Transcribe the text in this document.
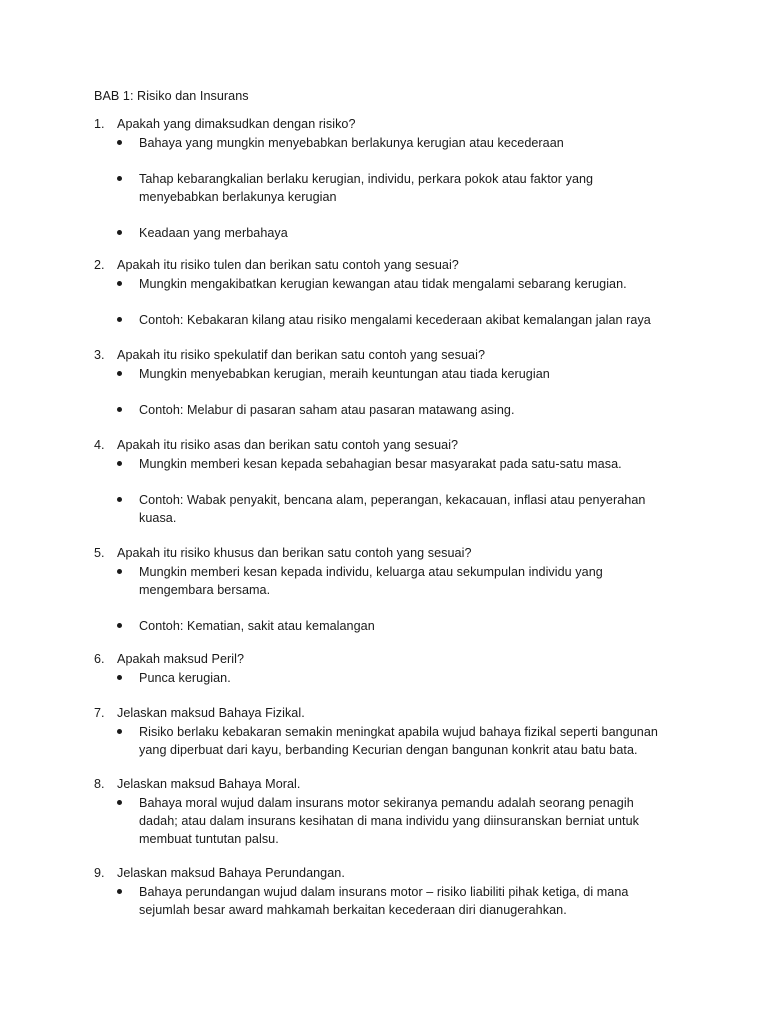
BAB 1: Risiko dan Insurans
1. Apakah yang dimaksudkan dengan risiko?
Bahaya yang mungkin menyebabkan berlakunya kerugian atau kecederaan
Tahap kebarangkalian berlaku kerugian, individu, perkara pokok atau faktor yang menyebabkan berlakunya kerugian
Keadaan yang merbahaya
2. Apakah itu risiko tulen dan berikan satu contoh yang sesuai?
Mungkin mengakibatkan kerugian kewangan atau tidak mengalami sebarang kerugian.
Contoh: Kebakaran kilang atau risiko mengalami kecederaan akibat kemalangan jalan raya
3. Apakah itu risiko spekulatif dan berikan satu contoh yang sesuai?
Mungkin menyebabkan kerugian, meraih keuntungan atau tiada kerugian
Contoh: Melabur di pasaran saham atau pasaran matawang asing.
4. Apakah itu risiko asas dan berikan satu contoh yang sesuai?
Mungkin memberi kesan kepada sebahagian besar masyarakat pada satu-satu masa.
Contoh: Wabak penyakit, bencana alam, peperangan, kekacauan, inflasi atau penyerahan kuasa.
5. Apakah itu risiko khusus dan berikan satu contoh yang sesuai?
Mungkin memberi kesan kepada individu, keluarga atau sekumpulan individu yang mengembara bersama.
Contoh: Kematian, sakit atau kemalangan
6. Apakah maksud Peril?
Punca kerugian.
7. Jelaskan maksud Bahaya Fizikal.
Risiko berlaku kebakaran semakin meningkat apabila wujud bahaya fizikal seperti bangunan yang diperbuat dari kayu, berbanding Kecurian dengan bangunan konkrit atau batu bata.
8. Jelaskan maksud Bahaya Moral.
Bahaya moral wujud dalam insurans motor sekiranya pemandu adalah seorang penagih dadah; atau dalam insurans kesihatan di mana individu yang diinsuranskan berniat untuk membuat tuntutan palsu.
9. Jelaskan maksud Bahaya Perundangan.
Bahaya perundangan wujud dalam insurans motor – risiko liabiliti pihak ketiga, di mana sejumlah besar award mahkamah berkaitan kecederaan diri dianugerahkan.
